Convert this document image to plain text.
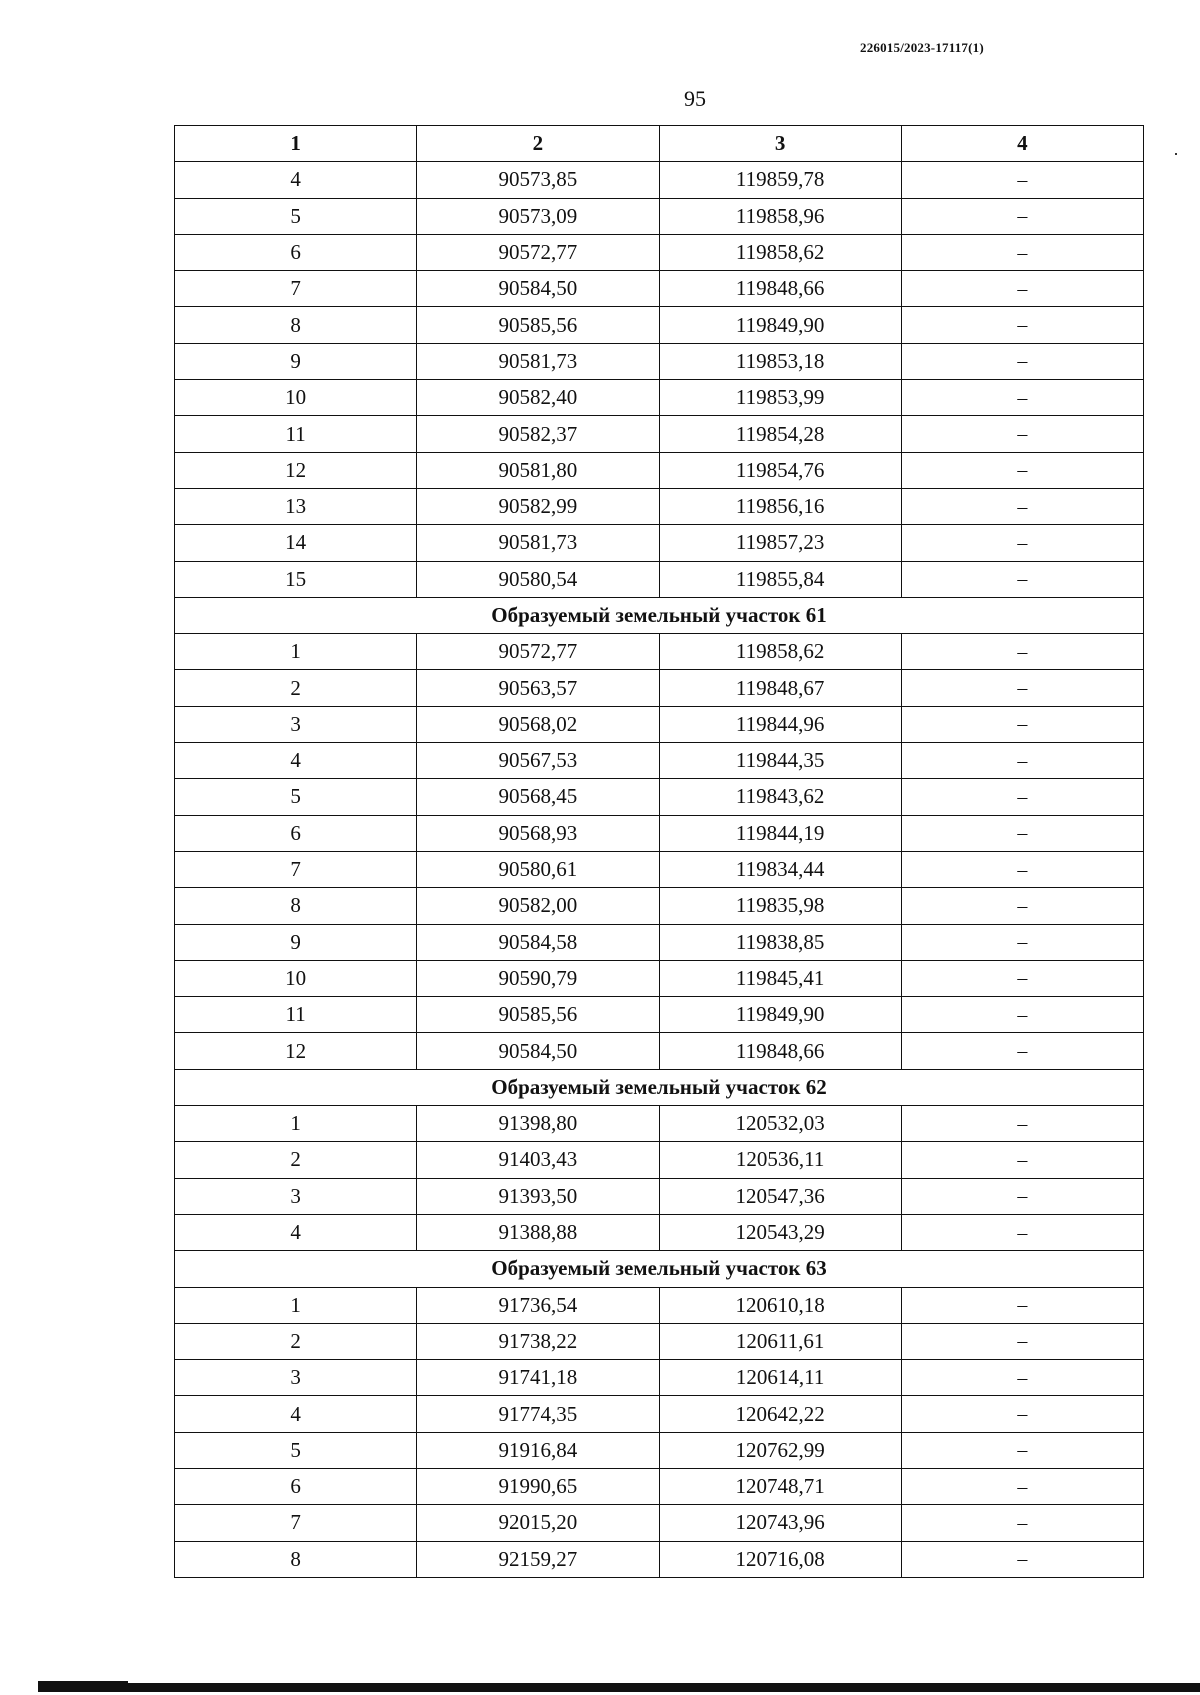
226015/2023-17117(1)
95
1	2	3	4
4	90573,85	119859,78	–
5	90573,09	119858,96	–
6	90572,77	119858,62	–
7	90584,50	119848,66	–
8	90585,56	119849,90	–
9	90581,73	119853,18	–
10	90582,40	119853,99	–
11	90582,37	119854,28	–
12	90581,80	119854,76	–
13	90582,99	119856,16	–
14	90581,73	119857,23	–
15	90580,54	119855,84	–
Образуемый земельный участок 61			
1	90572,77	119858,62	–
2	90563,57	119848,67	–
3	90568,02	119844,96	–
4	90567,53	119844,35	–
5	90568,45	119843,62	–
6	90568,93	119844,19	–
7	90580,61	119834,44	–
8	90582,00	119835,98	–
9	90584,58	119838,85	–
10	90590,79	119845,41	–
11	90585,56	119849,90	–
12	90584,50	119848,66	–
Образуемый земельный участок 62			
1	91398,80	120532,03	–
2	91403,43	120536,11	–
3	91393,50	120547,36	–
4	91388,88	120543,29	–
Образуемый земельный участок 63			
1	91736,54	120610,18	–
2	91738,22	120611,61	–
3	91741,18	120614,11	–
4	91774,35	120642,22	–
5	91916,84	120762,99	–
6	91990,65	120748,71	–
7	92015,20	120743,96	–
8	92159,27	120716,08	–
